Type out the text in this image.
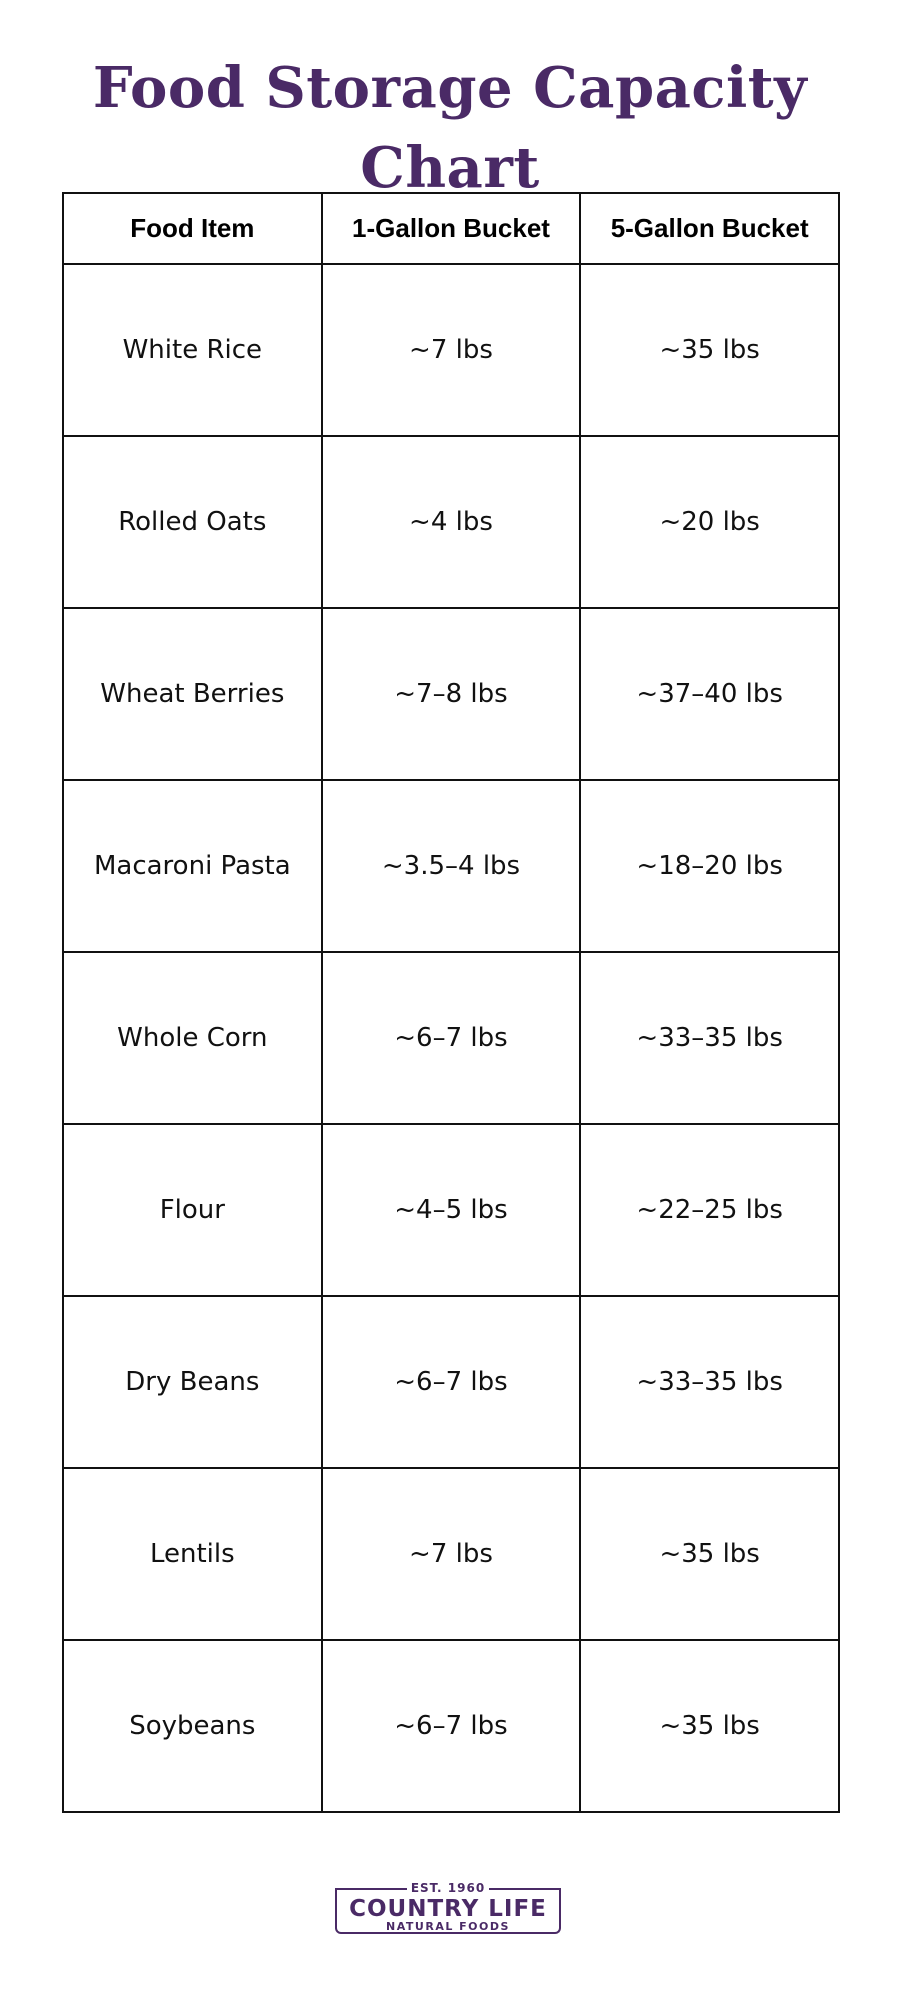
Food Storage Capacity Chart
Food Item	1-Gallon Bucket	5-Gallon Bucket
White Rice	~7 lbs	~35 lbs
Rolled Oats	~4 lbs	~20 lbs
Wheat Berries	~7–8 lbs	~37–40 lbs
Macaroni Pasta	~3.5–4 lbs	~18–20 lbs
Whole Corn	~6–7 lbs	~33–35 lbs
Flour	~4–5 lbs	~22–25 lbs
Dry Beans	~6–7 lbs	~33–35 lbs
Lentils	~7 lbs	~35 lbs
Soybeans	~6–7 lbs	~35 lbs
EST. 1960
COUNTRY LIFE
NATURAL FOODS
